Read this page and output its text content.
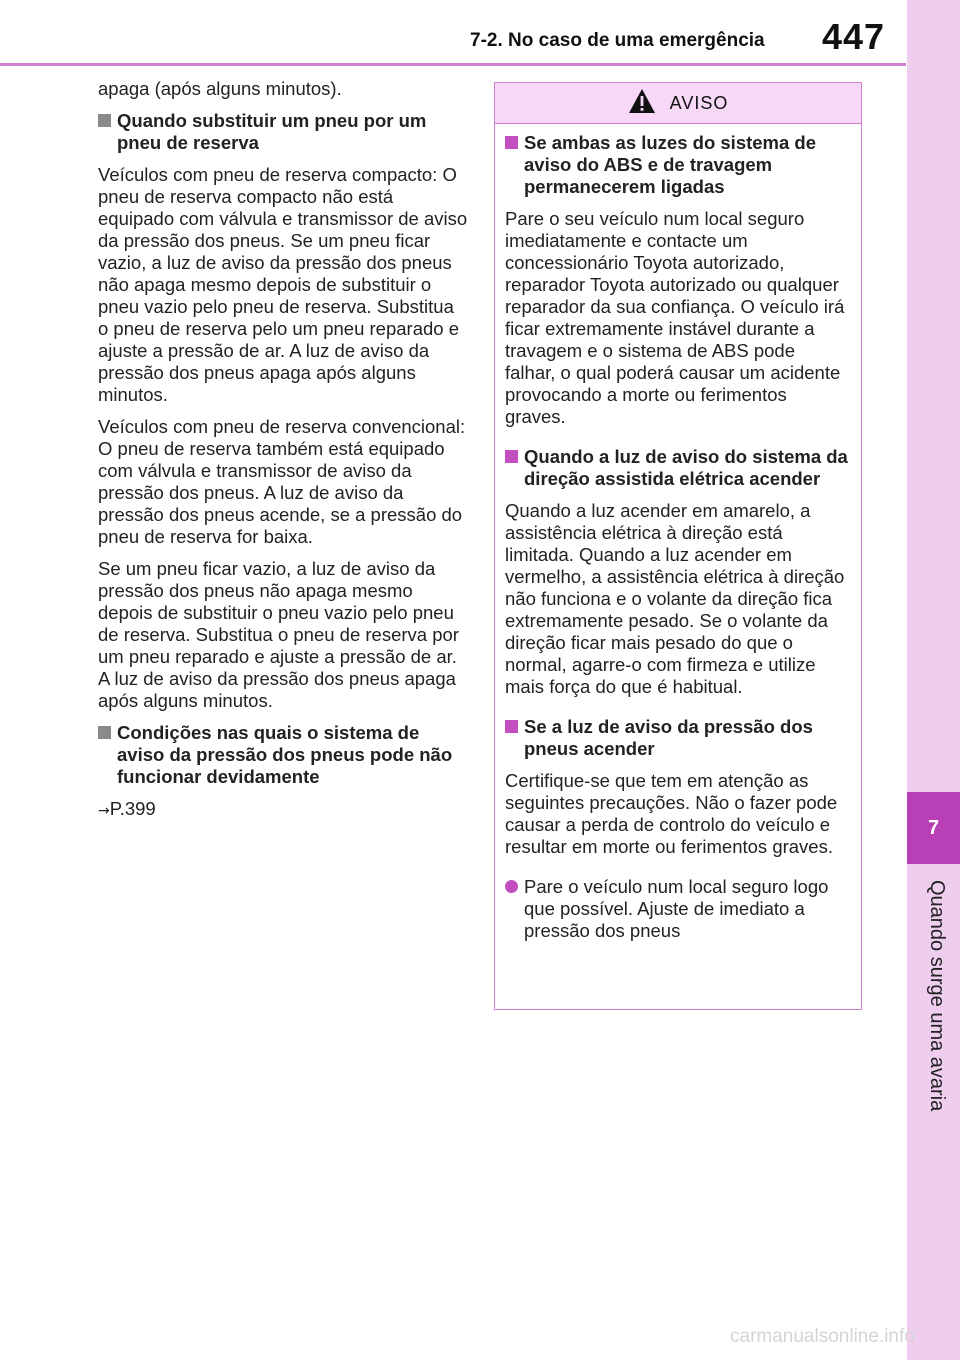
7-2. No caso de uma emergência	447
7
Quando surge uma avaria

apaga (após alguns minutos).

Quando substituir um pneu por um pneu de reserva

Veículos com pneu de reserva compacto: O pneu de reserva compacto não está equipado com válvula e transmissor de aviso da pressão dos pneus. Se um pneu ficar vazio, a luz de aviso da pressão dos pneus não apaga mesmo depois de substituir o pneu vazio pelo pneu de reserva. Substitua o pneu de reserva pelo um pneu reparado e ajuste a pressão de ar. A luz de aviso da pressão dos pneus apaga após alguns minutos.

Veículos com pneu de reserva convencional: O pneu de reserva também está equipado com válvula e transmissor de aviso da pressão dos pneus. A luz de aviso da pressão dos pneus acende, se a pressão do pneu de reserva for baixa.

Se um pneu ficar vazio, a luz de aviso da pressão dos pneus não apaga mesmo depois de substituir o pneu vazio pelo pneu de reserva. Substitua o pneu de reserva por um pneu reparado e ajuste a pressão de ar. A luz de aviso da pressão dos pneus apaga após alguns minutos.

Condições nas quais o sistema de aviso da pressão dos pneus pode não funcionar devidamente

→P.399

AVISO
Se ambas as luzes do sistema de aviso do ABS e de travagem permanecerem ligadas

Pare o seu veículo num local seguro imediatamente e contacte um concessionário Toyota autorizado, reparador Toyota autorizado ou qualquer reparador da sua confiança. O veículo irá ficar extremamente instável durante a travagem e o sistema de ABS pode falhar, o qual poderá causar um acidente provocando a morte ou ferimentos graves.

Quando a luz de aviso do sistema da direção assistida elétrica acender

Quando a luz acender em amarelo, a assistência elétrica à direção está limitada. Quando a luz acender em vermelho, a assistência elétrica à direção não funciona e o volante da direção fica extremamente pesado. Se o volante da direção ficar mais pesado do que o normal, agarre-o com firmeza e utilize mais força do que é habitual.

Se a luz de aviso da pressão dos pneus acender

Certifique-se que tem em atenção as seguintes precauções. Não o fazer pode causar a perda de controlo do veículo e resultar em morte ou ferimentos graves.

Pare o veículo num local seguro logo que possível. Ajuste de imediato a pressão dos pneus
carmanualsonline.info
